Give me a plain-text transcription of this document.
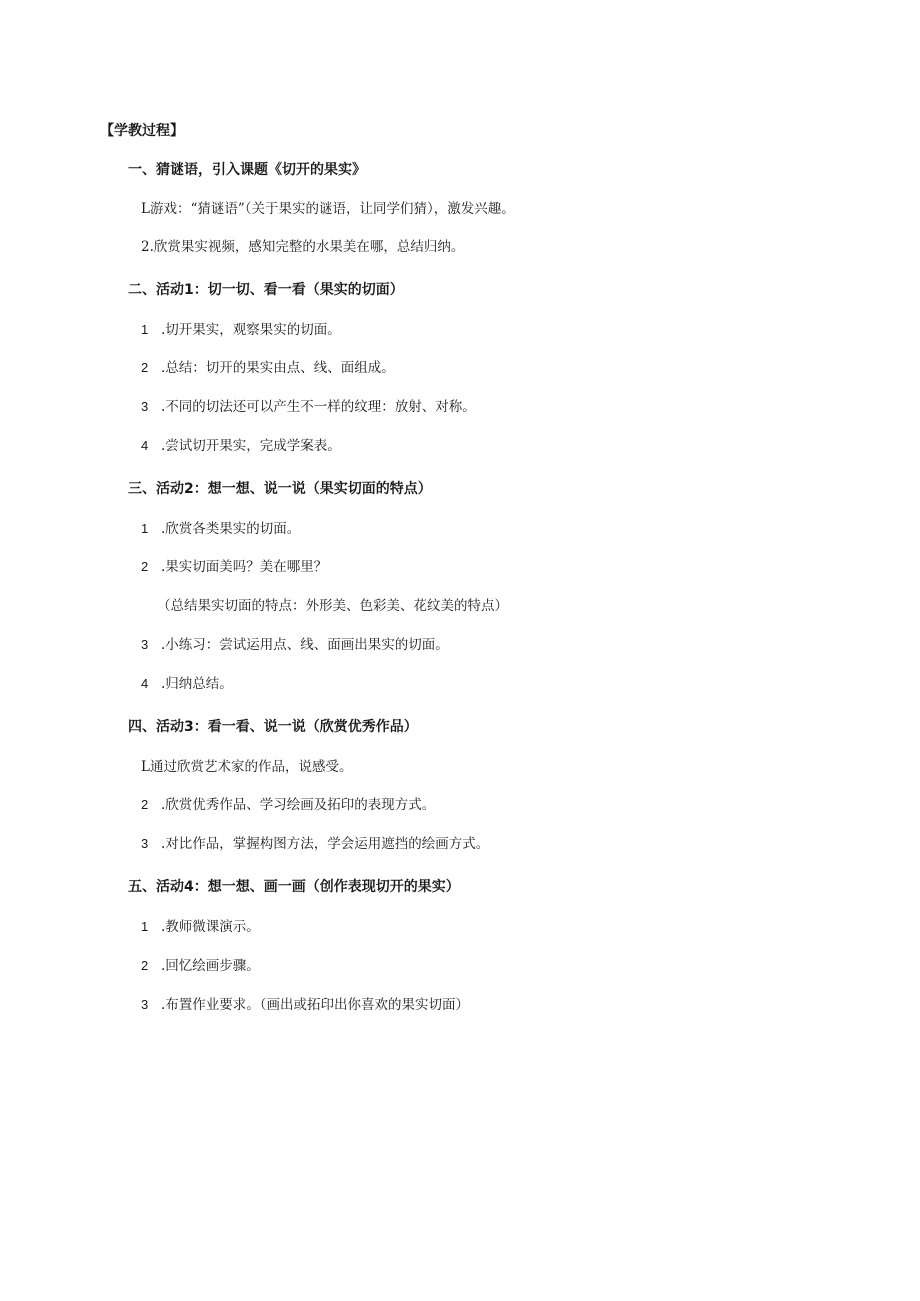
【学教过程】
一、猜谜语，引入课题《切开的果实》
L游戏：“猜谜语”（关于果实的谜语，让同学们猜），激发兴趣。
2.欣赏果实视频，感知完整的水果美在哪，总结归纳。
二、活动1：切一切、看一看（果实的切面）
1 .切开果实，观察果实的切面。
2 .总结：切开的果实由点、线、面组成。
3 .不同的切法还可以产生不一样的纹理：放射、对称。
4 .尝试切开果实，完成学案表。
三、活动2：想一想、说一说（果实切面的特点）
1 .欣赏各类果实的切面。
2 .果实切面美吗？美在哪里？
（总结果实切面的特点：外形美、色彩美、花纹美的特点）
3 .小练习：尝试运用点、线、面画出果实的切面。
4 .归纳总结。
四、活动3：看一看、说一说（欣赏优秀作品）
L通过欣赏艺术家的作品，说感受。
2 .欣赏优秀作品、学习绘画及拓印的表现方式。
3 .对比作品，掌握构图方法，学会运用遮挡的绘画方式。
五、活动4：想一想、画一画（创作表现切开的果实）
1 .教师微课演示。
2 .回忆绘画步骤。
3 .布置作业要求。（画出或拓印出你喜欢的果实切面）
